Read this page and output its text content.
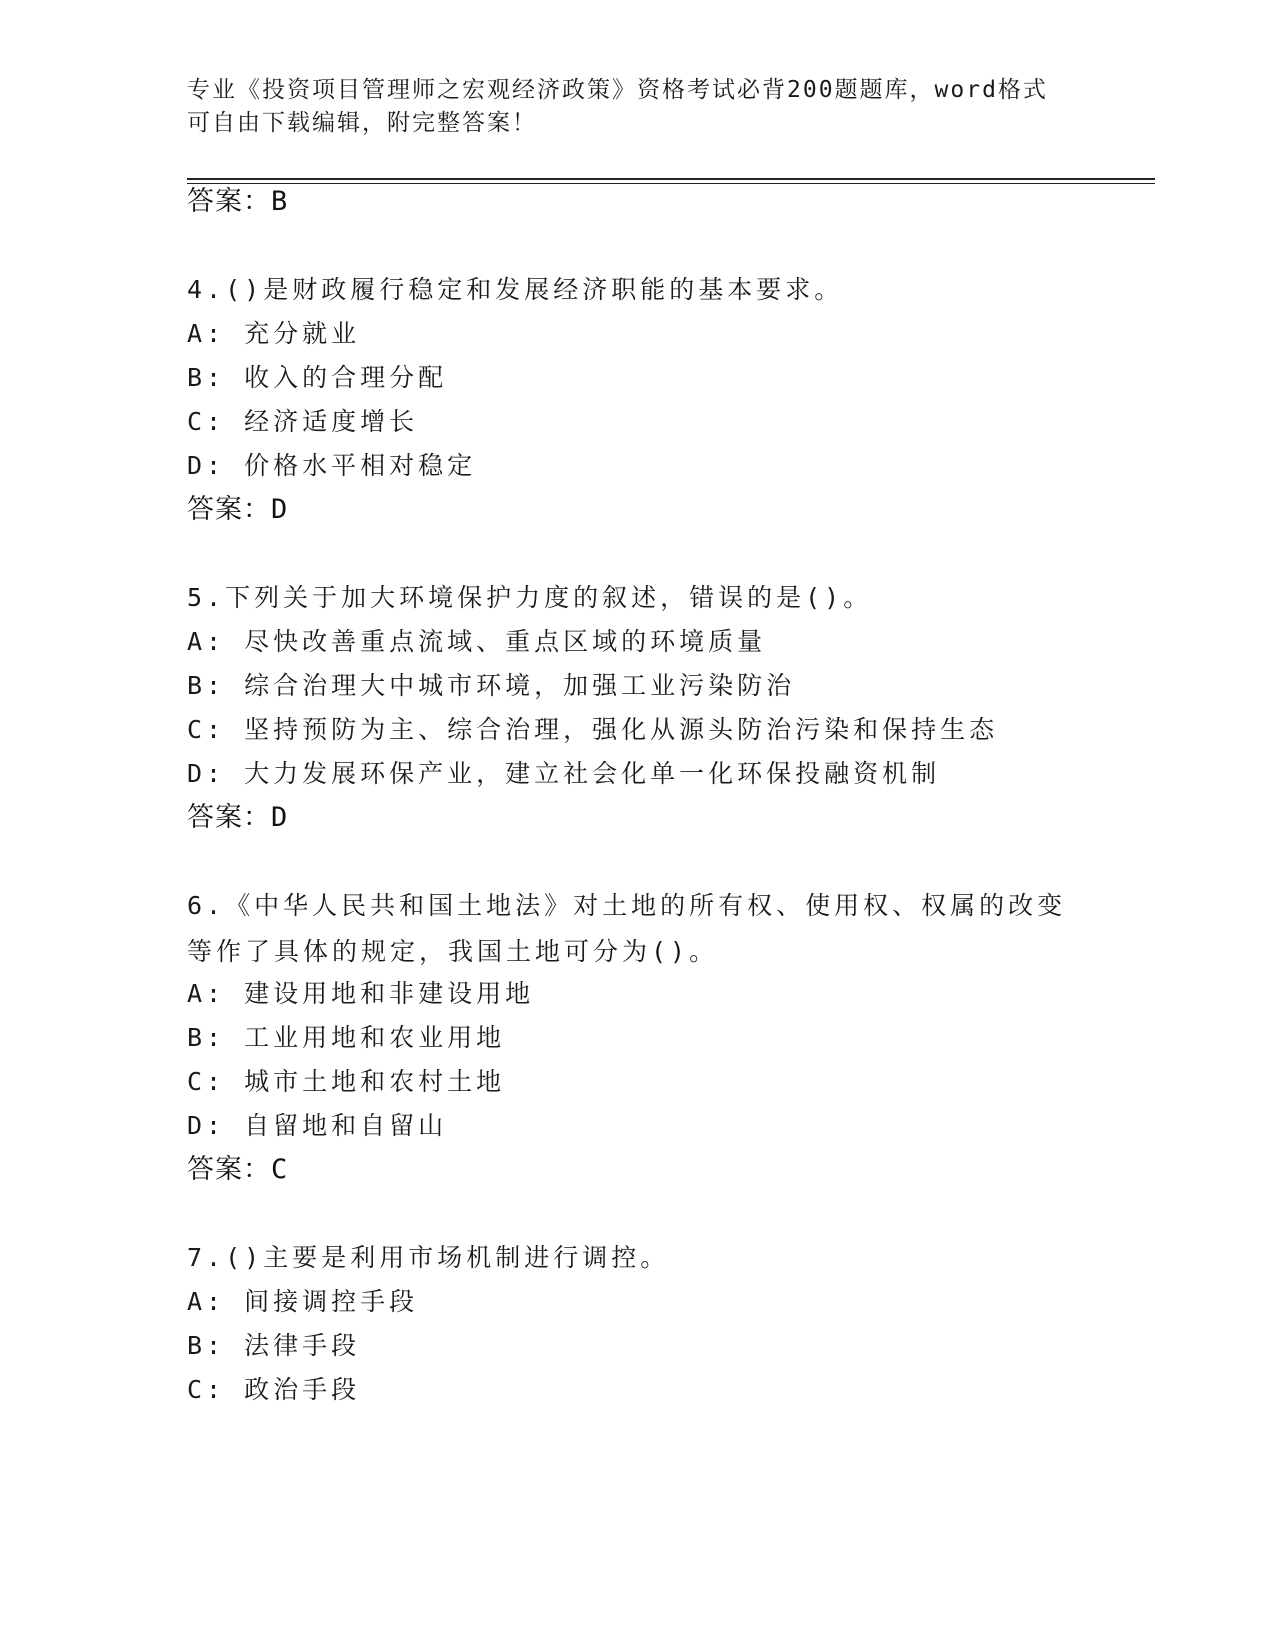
专业《投资项目管理师之宏观经济政策》资格考试必背200题题库，word格式可自由下载编辑，附完整答案！
答案：B
4.()是财政履行稳定和发展经济职能的基本要求。
A: 充分就业
B: 收入的合理分配
C: 经济适度增长
D: 价格水平相对稳定
答案：D
5.下列关于加大环境保护力度的叙述，错误的是()。
A: 尽快改善重点流域、重点区域的环境质量
B: 综合治理大中城市环境，加强工业污染防治
C: 坚持预防为主、综合治理，强化从源头防治污染和保持生态
D: 大力发展环保产业，建立社会化单一化环保投融资机制
答案：D
6.《中华人民共和国土地法》对土地的所有权、使用权、权属的改变等作了具体的规定，我国土地可分为()。
A: 建设用地和非建设用地
B: 工业用地和农业用地
C: 城市土地和农村土地
D: 自留地和自留山
答案：C
7.()主要是利用市场机制进行调控。
A: 间接调控手段
B: 法律手段
C: 政治手段
